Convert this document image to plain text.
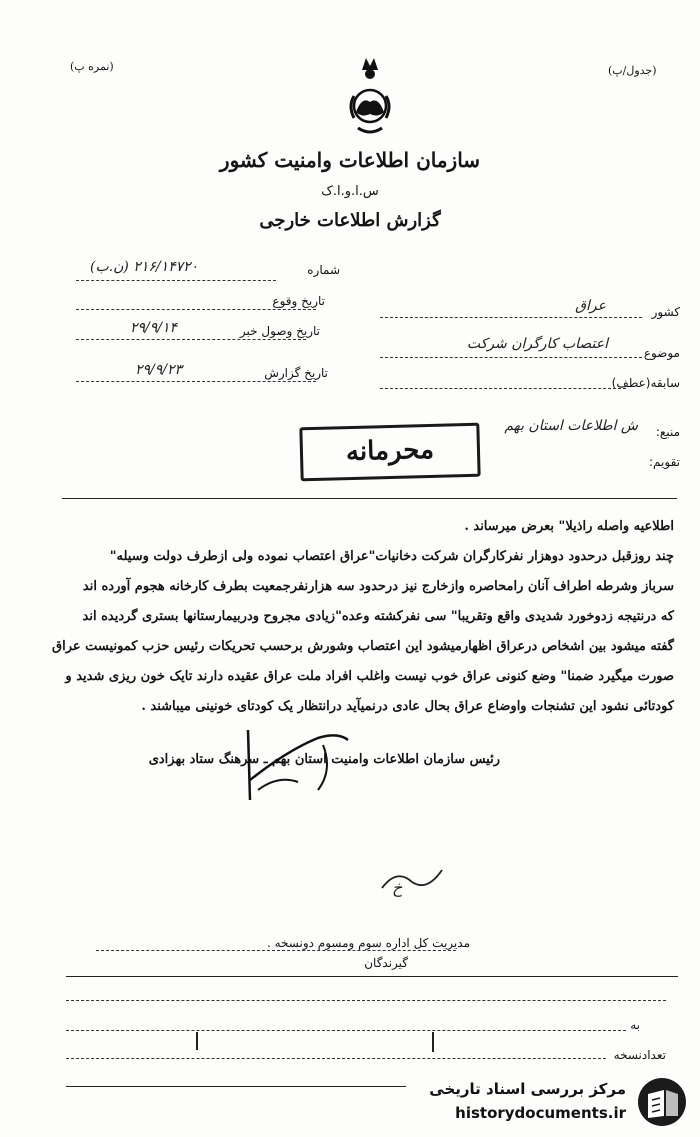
(نمره پ)	(جدول/پ)
سازمان اطلاعات وامنیت کشور
س.ا.و.ا.ک
گزارش اطلاعات خارجی
شماره
۲۱۶/۱۴۷۲۰ (ن.ب)
تاریخ وقوع
تاریخ وصول خبر
۲۹/۹/۱۴
تاریخ گزارش
۲۹/۹/۲۳
کشور
عراق
موضوع
اعتصاب کارگران شرکت
سابقه(عطف)
منبع:
ش اطلاعات استان بهم
تقویم:
محرمانه

اطلاعیه واصله راذیلا" بعرض میرساند .

چند روزقبل درحدود دوهزار نفرکارگران شرکت دخانیات"عراق اعتصاب نموده ولی ازطرف دولت وسیله"

سرباز وشرطه اطراف آنان رامحاصره وازخارج نیز درحدود سه هزارنفرجمعیت بطرف کارخانه هجوم آورده اند

که درنتیجه زدوخورد شدیدی واقع وتقریبا" سی نفرکشته وعده"زیادی مجروح ودربیمارستانها بستری گردیده اند

گفته میشود بین اشخاص درعراق اظهارمیشود این اعتصاب وشورش برحسب تحریکات رئیس حزب کمونیست عراق

صورت میگیرد ضمنا" وضع کنونی عراق خوب نیست واغلب افراد ملت عراق عقیده دارند تایک خون ریزی شدید و

کودتائی نشود این تشنجات واوضاع عراق بحال عادی درنمیآید درانتظار یک کودتای خونینی میباشند .

رئیس سازمان اطلاعات وامنیت استان بهم ـ سرهنگ ستاد بهزادی
خ
مدیریت کل اداره سوم ومسوم دونسخه .
گیرندگان
به
تعدادنسخه
مرکز بررسی اسناد تاریخی
historydocuments.ir
